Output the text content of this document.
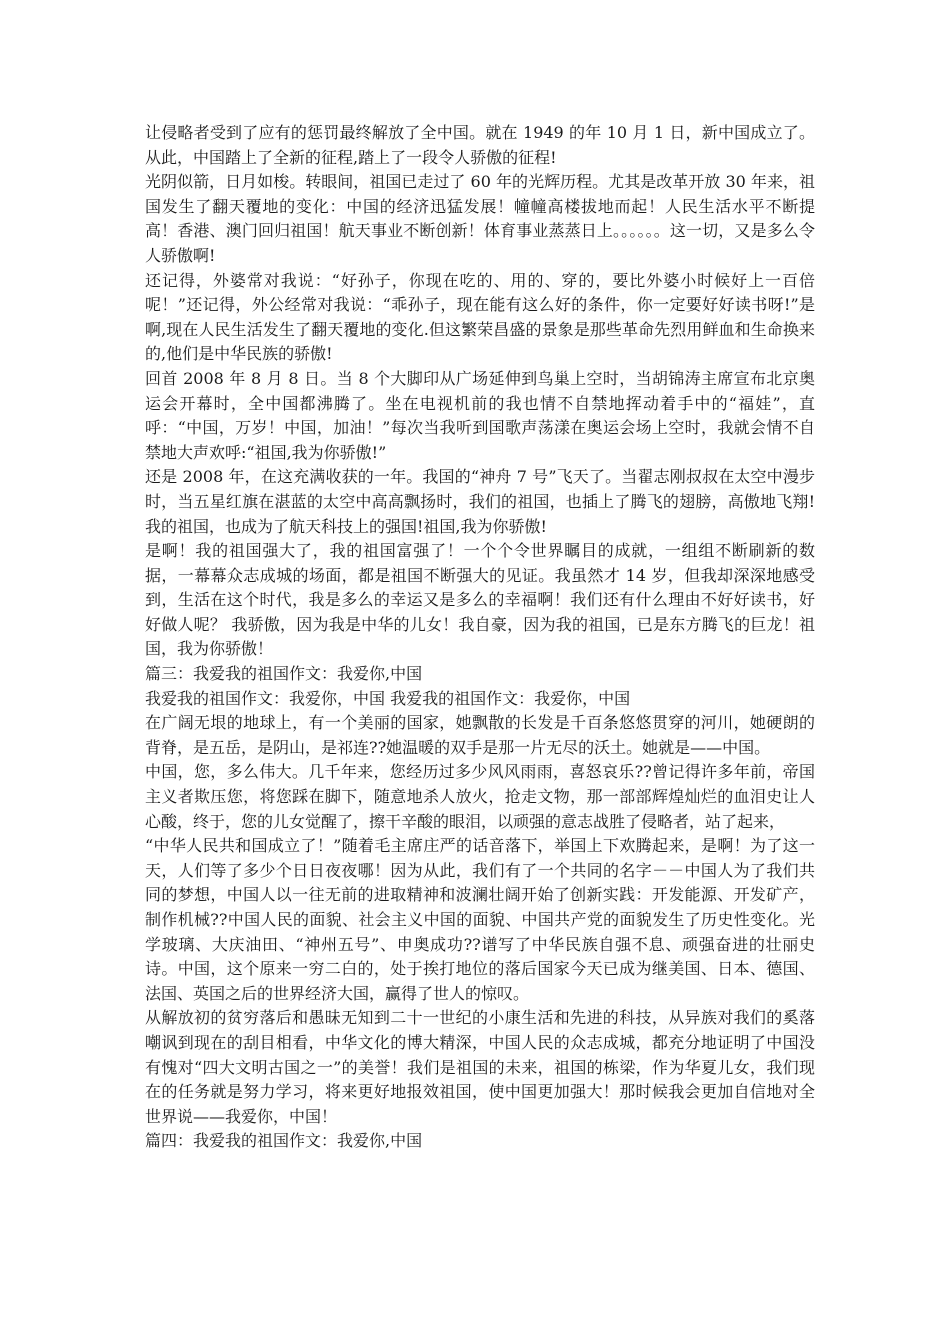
让侵略者受到了应有的惩罚最终解放了全中国。就在 1949 的年 10 月 1 日，新中国成立了。从此，中国踏上了全新的征程,踏上了一段令人骄傲的征程!

光阴似箭，日月如梭。转眼间，祖国已走过了 60 年的光辉历程。尤其是改革开放 30 年来，祖国发生了翻天覆地的变化：中国的经济迅猛发展！幢幢高楼拔地而起！人民生活水平不断提高！香港、澳门回归祖国！航天事业不断创新！体育事业蒸蒸日上。。。。。。这一切，又是多么令人骄傲啊!

还记得，外婆常对我说：“好孙子，你现在吃的、用的、穿的，要比外婆小时候好上一百倍呢！”还记得，外公经常对我说：“乖孙子，现在能有这么好的条件，你一定要好好读书呀!”是啊,现在人民生活发生了翻天覆地的变化.但这繁荣昌盛的景象是那些革命先烈用鲜血和生命换来的,他们是中华民族的骄傲!

回首 2008 年 8 月 8 日。当 8 个大脚印从广场延伸到鸟巢上空时，当胡锦涛主席宣布北京奥运会开幕时，全中国都沸腾了。坐在电视机前的我也情不自禁地挥动着手中的“福娃”，直呼：“中国，万岁！中国，加油！”每次当我听到国歌声荡漾在奥运会场上空时，我就会情不自禁地大声欢呼:“祖国,我为你骄傲!”

还是 2008 年，在这充满收获的一年。我国的“神舟 7 号”飞天了。当翟志刚叔叔在太空中漫步时，当五星红旗在湛蓝的太空中高高飘扬时，我们的祖国，也插上了腾飞的翅膀，高傲地飞翔!我的祖国，也成为了航天科技上的强国!祖国,我为你骄傲!

是啊！我的祖国强大了，我的祖国富强了！一个个令世界瞩目的成就，一组组不断刷新的数据，一幕幕众志成城的场面，都是祖国不断强大的见证。我虽然才 14 岁，但我却深深地感受到，生活在这个时代，我是多么的幸运又是多么的幸福啊！我们还有什么理由不好好读书，好好做人呢？ 我骄傲，因为我是中华的儿女！我自豪，因为我的祖国，已是东方腾飞的巨龙！祖国，我为你骄傲！

篇三：我爱我的祖国作文：我爱你,中国

我爱我的祖国作文：我爱你，中国 我爱我的祖国作文：我爱你，中国

在广阔无垠的地球上，有一个美丽的国家，她飘散的长发是千百条悠悠贯穿的河川，她硬朗的背脊，是五岳，是阴山，是祁连??她温暖的双手是那一片无尽的沃土。她就是——中国。

中国，您，多么伟大。几千年来，您经历过多少风风雨雨，喜怒哀乐??曾记得许多年前，帝国主义者欺压您，将您踩在脚下，随意地杀人放火，抢走文物，那一部部辉煌灿烂的血泪史让人心酸，终于，您的儿女觉醒了，擦干辛酸的眼泪，以顽强的意志战胜了侵略者，站了起来，

“中华人民共和国成立了！”随着毛主席庄严的话音落下，举国上下欢腾起来，是啊！为了这一天，人们等了多少个日日夜夜哪！因为从此，我们有了一个共同的名字－－中国人为了我们共同的梦想，中国人以一往无前的进取精神和波澜壮阔开始了创新实践：开发能源、开发矿产，制作机械??中国人民的面貌、社会主义中国的面貌、中国共产党的面貌发生了历史性变化。光学玻璃、大庆油田、“神州五号”、申奥成功??谱写了中华民族自强不息、顽强奋进的壮丽史诗。中国，这个原来一穷二白的，处于挨打地位的落后国家今天已成为继美国、日本、德国、法国、英国之后的世界经济大国，赢得了世人的惊叹。

从解放初的贫穷落后和愚昧无知到二十一世纪的小康生活和先进的科技，从异族对我们的奚落嘲讽到现在的刮目相看，中华文化的博大精深，中国人民的众志成城，都充分地证明了中国没有愧对“四大文明古国之一”的美誉！我们是祖国的未来，祖国的栋梁，作为华夏儿女，我们现在的任务就是努力学习，将来更好地报效祖国，使中国更加强大！那时候我会更加自信地对全世界说——我爱你，中国！

篇四：我爱我的祖国作文：我爱你,中国
